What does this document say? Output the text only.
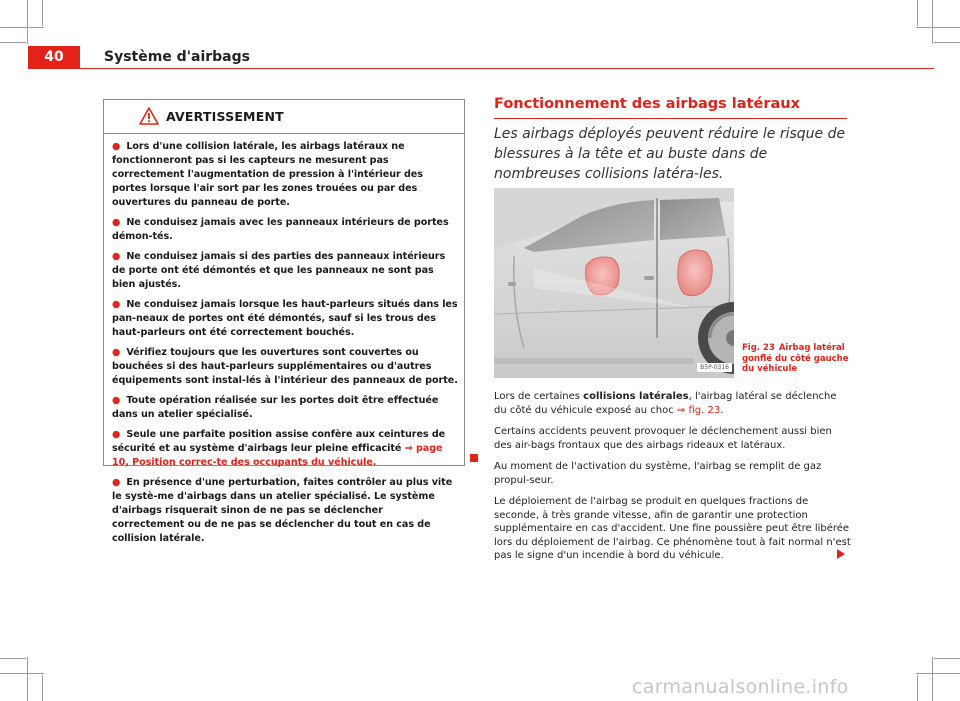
40	Système d'airbags
AVERTISSEMENT

● Lors d'une collision latérale, les airbags latéraux ne fonctionneront pas si les capteurs ne mesurent pas correctement l'augmentation de pression à l'intérieur des portes lorsque l'air sort par les zones trouées ou par des ouvertures du panneau de porte.

● Ne conduisez jamais avec les panneaux intérieurs de portes démon-tés.

● Ne conduisez jamais si des parties des panneaux intérieurs de porte ont été démontés et que les panneaux ne sont pas bien ajustés.

● Ne conduisez jamais lorsque les haut-parleurs situés dans les pan-neaux de portes ont été démontés, sauf si les trous des haut-parleurs ont été correctement bouchés.

● Vérifiez toujours que les ouvertures sont couvertes ou bouchées si des haut-parleurs supplémentaires ou d'autres équipements sont instal-lés à l'intérieur des panneaux de porte.

● Toute opération réalisée sur les portes doit être effectuée dans un atelier spécialisé.

● Seule une parfaite position assise confère aux ceintures de sécurité et au système d'airbags leur pleine efficacité ⇒ page 10, Position correc-te des occupants du véhicule.

● En présence d'une perturbation, faites contrôler au plus vite le systè-me d'airbags dans un atelier spécialisé. Le système d'airbags risquerait sinon de ne pas se déclencher correctement ou de ne pas se déclencher du tout en cas de collision latérale.

Fonctionnement des airbags latéraux
Les airbags déployés peuvent réduire le risque de blessures à la tête et au buste dans de nombreuses collisions latéra-les.
B5P-0316
Fig. 23 Airbag latéral gonflé du côté gauche du véhicule

Lors de certaines collisions latérales, l'airbag latéral se déclenche du côté du véhicule exposé au choc ⇒ fig. 23.

Certains accidents peuvent provoquer le déclenchement aussi bien des air-bags frontaux que des airbags rideaux et latéraux.

Au moment de l'activation du système, l'airbag se remplit de gaz propul-seur.

Le déploiement de l'airbag se produit en quelques fractions de seconde, à très grande vitesse, afin de garantir une protection supplémentaire en cas d'accident. Une fine poussière peut être libérée lors du déploiement de l'airbag. Ce phénomène tout à fait normal n'est pas le signe d'un incendie à bord du véhicule.

carmanualsonline.info
